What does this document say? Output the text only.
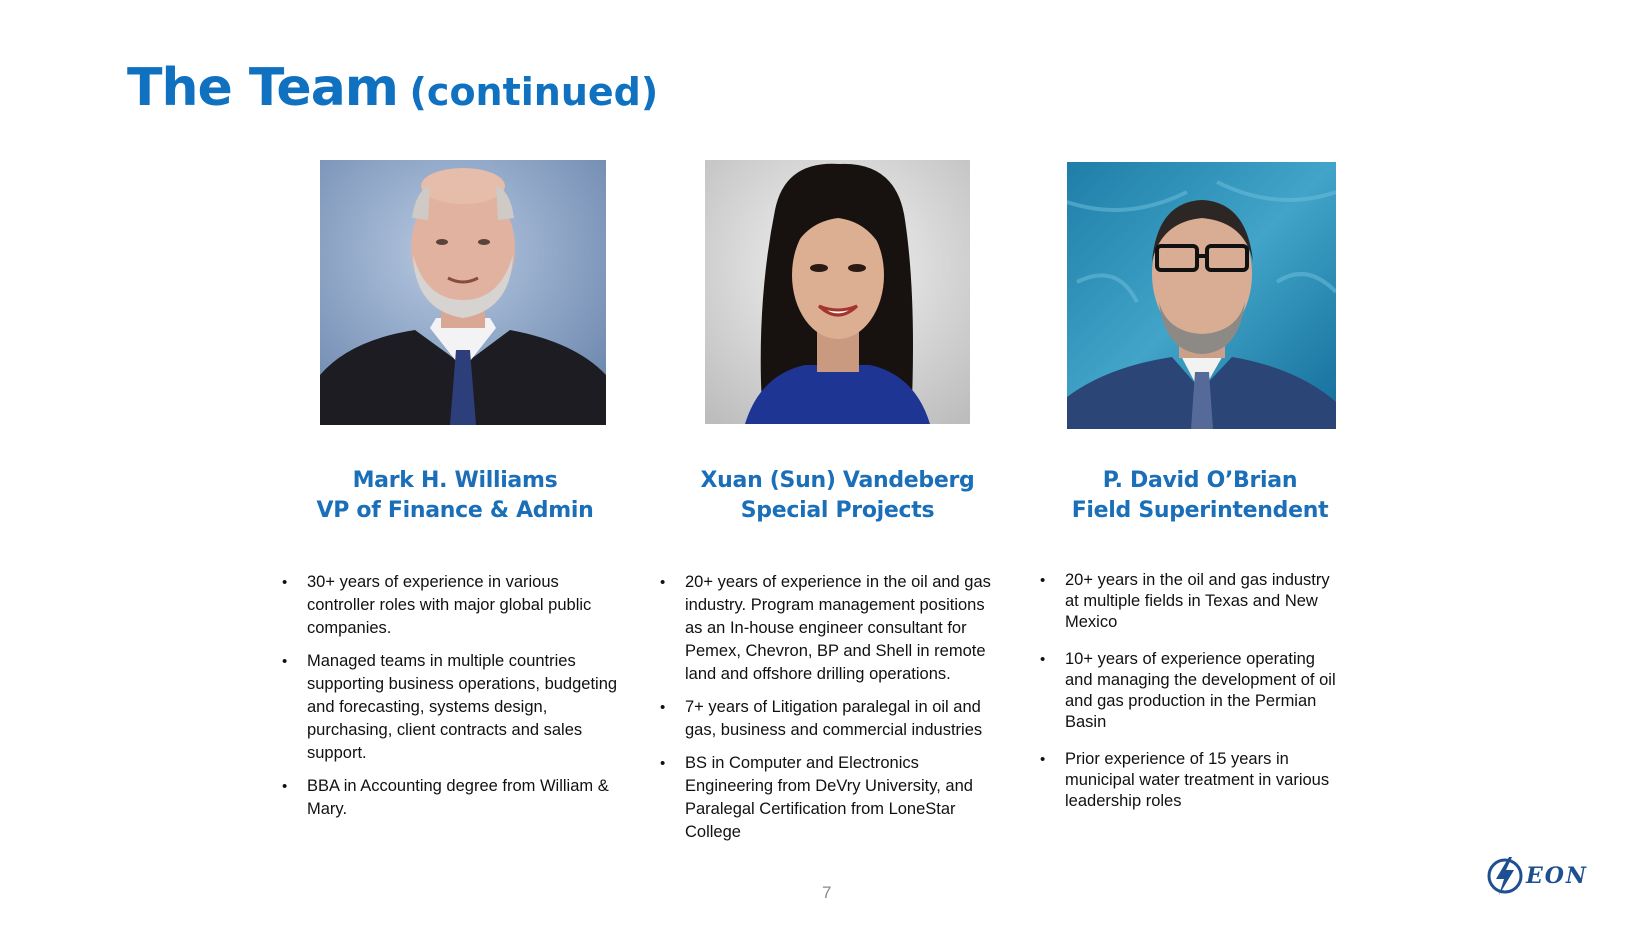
The Team (continued)
Mark H. Williams
VP of Finance & Admin
Xuan (Sun) Vandeberg
Special Projects
P. David O’Brian
Field Superintendent
• 30+ years of experience in various controller roles with major global public companies.
• Managed teams in multiple countries supporting business operations, budgeting and forecasting, systems design, purchasing, client contracts and sales support.
• BBA in Accounting degree from William & Mary.
• 20+ years of experience in the oil and gas industry. Program management positions as an In-house engineer consultant for Pemex, Chevron, BP and Shell in remote land and offshore drilling operations.
• 7+ years of Litigation paralegal in oil and gas, business and commercial industries
• BS in Computer and Electronics Engineering from DeVry University, and Paralegal Certification from LoneStar College
• 20+ years in the oil and gas industry at multiple fields in Texas and New Mexico
• 10+ years of experience operating and managing the development of oil and gas production in the Permian Basin
• Prior experience of 15 years in municipal water treatment in various leadership roles
7
EON
